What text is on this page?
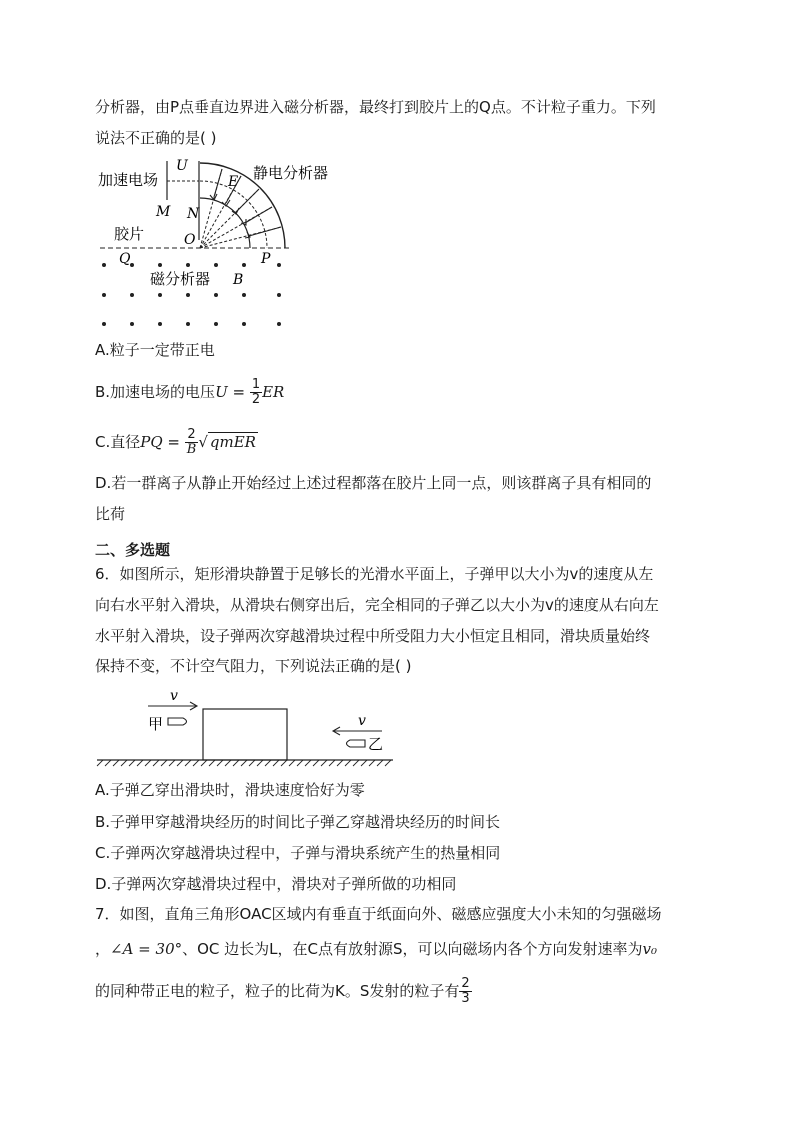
分析器，由P点垂直边界进入磁分析器，最终打到胶片上的Q点。不计粒子重力。下列
说法不正确的是( )
加速电场
U
M N
E
O
静电分析器
胶片
Q	P
磁分析器 B
A.粒子一定带正电
B.加速电场的电压$U = \frac{1}{2}$ ER
C.直径PQ = $\frac{2}{B}$ √ qmER
D.若一群离子从静止开始经过上述过程都落在胶片上同一点，则该群离子具有相同的
比荷
二、多选题
6．如图所示，矩形滑块静置于足够长的光滑水平面上，子弹甲以大小为v的速度从左
向右水平射入滑块，从滑块右侧穿出后，完全相同的子弹乙以大小为v的速度从右向左
水平射入滑块，设子弹两次穿越滑块过程中所受阻力大小恒定且相同，滑块质量始终
保持不变，不计空气阻力，下列说法正确的是( )
v
甲	v
乙
A.子弹乙穿出滑块时，滑块速度恰好为零
B.子弹甲穿越滑块经历的时间比子弹乙穿越滑块经历的时间长
C.子弹两次穿越滑块过程中，子弹与滑块系统产生的热量相同
D.子弹两次穿越滑块过程中，滑块对子弹所做的功相同
7．如图，直角三角形OAC区域内有垂直于纸面向外、磁感应强度大小未知的匀强磁场
，∠A = 30°、OC 边长为L，在C点有放射源S，可以向磁场内各个方向发射速率为v₀
的同种带正电的粒子，粒子的比荷为K。S发射的粒子有 $\frac{2}{3}$
